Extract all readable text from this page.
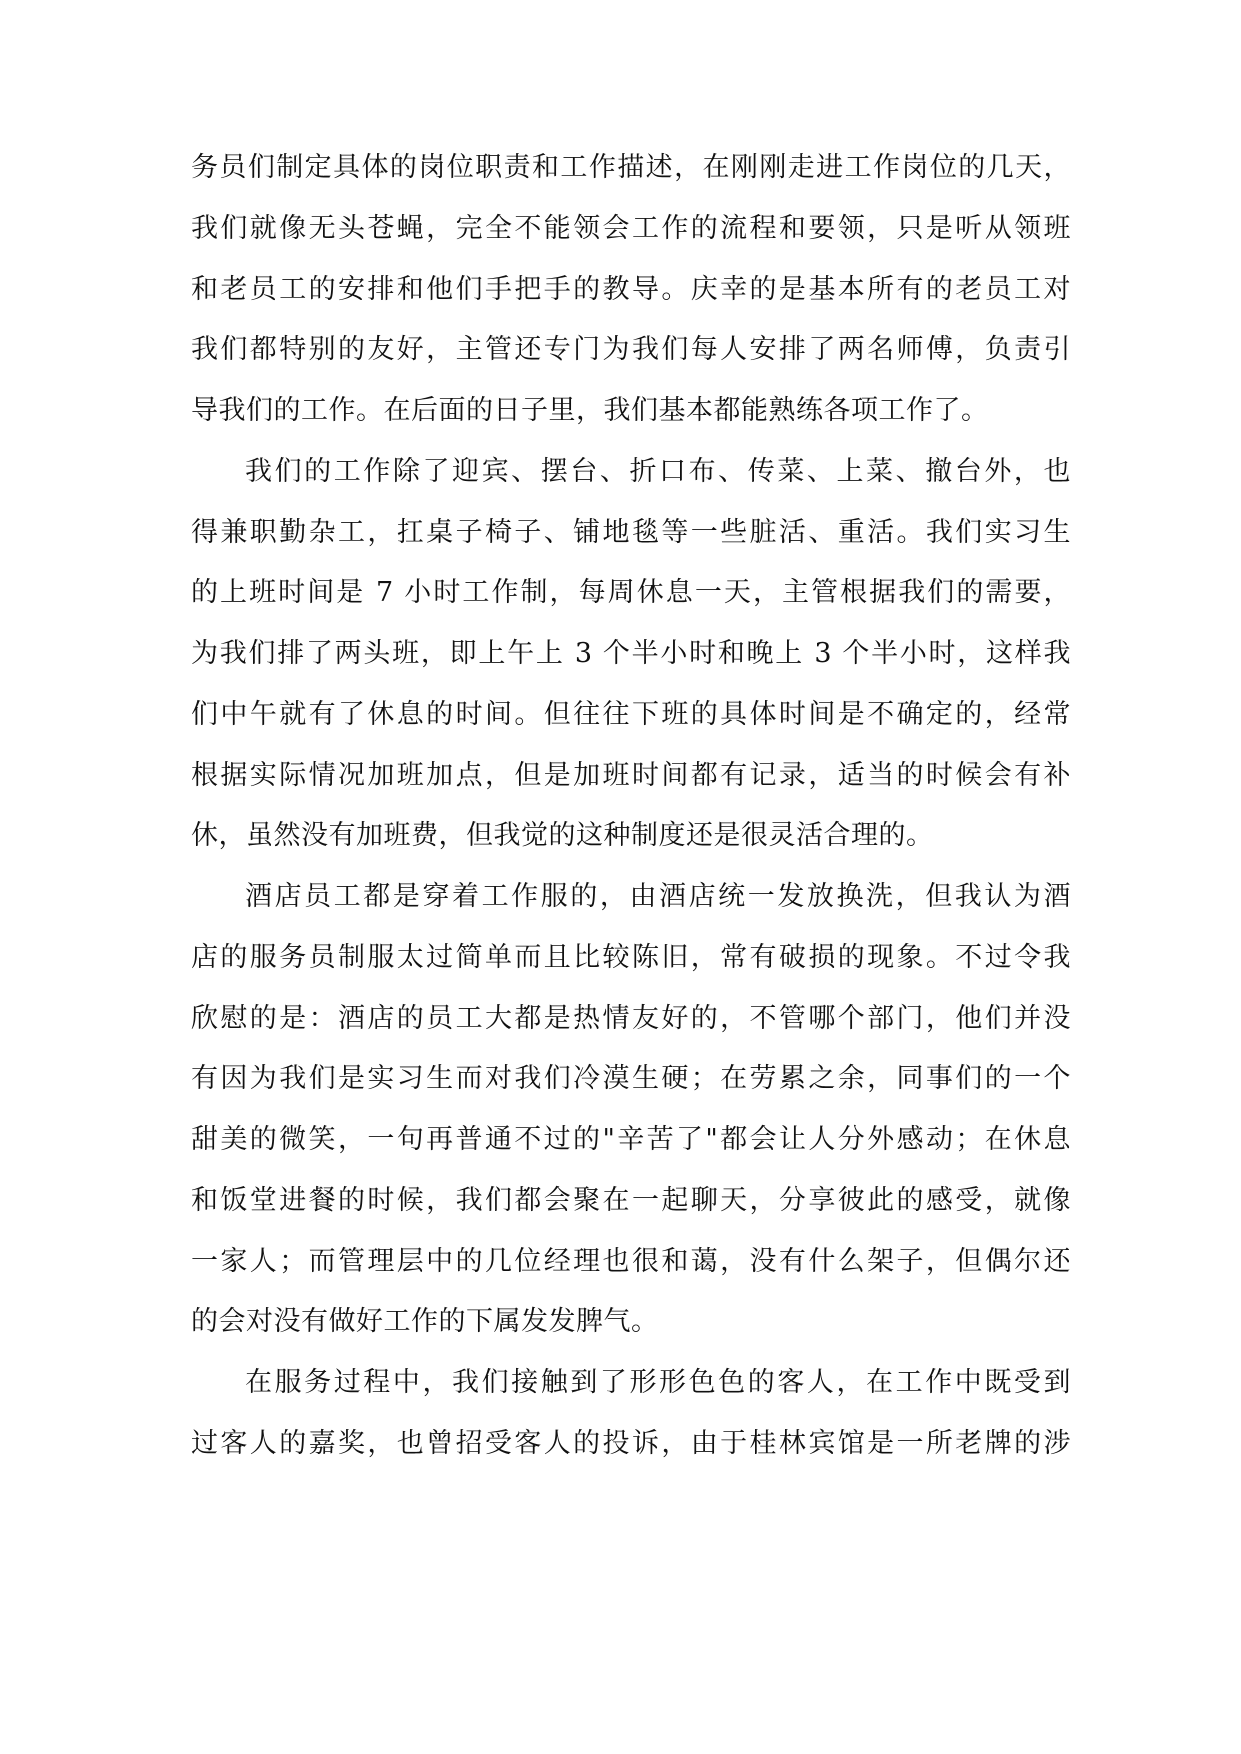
务员们制定具体的岗位职责和工作描述，在刚刚走进工作岗位的几天，
我们就像无头苍蝇，完全不能领会工作的流程和要领，只是听从领班
和老员工的安排和他们手把手的教导。庆幸的是基本所有的老员工对
我们都特别的友好，主管还专门为我们每人安排了两名师傅，负责引
导我们的工作。在后面的日子里，我们基本都能熟练各项工作了。
我们的工作除了迎宾、摆台、折口布、传菜、上菜、撤台外，也
得兼职勤杂工，扛桌子椅子、铺地毯等一些脏活、重活。我们实习生
的上班时间是 7 小时工作制，每周休息一天，主管根据我们的需要，
为我们排了两头班，即上午上 3 个半小时和晚上 3 个半小时，这样我
们中午就有了休息的时间。但往往下班的具体时间是不确定的，经常
根据实际情况加班加点，但是加班时间都有记录，适当的时候会有补
休，虽然没有加班费，但我觉的这种制度还是很灵活合理的。
酒店员工都是穿着工作服的，由酒店统一发放换洗，但我认为酒
店的服务员制服太过简单而且比较陈旧，常有破损的现象。不过令我
欣慰的是：酒店的员工大都是热情友好的，不管哪个部门，他们并没
有因为我们是实习生而对我们冷漠生硬；在劳累之余，同事们的一个
甜美的微笑，一句再普通不过的"辛苦了"都会让人分外感动；在休息
和饭堂进餐的时候，我们都会聚在一起聊天，分享彼此的感受，就像
一家人；而管理层中的几位经理也很和蔼，没有什么架子，但偶尔还
的会对没有做好工作的下属发发脾气。
在服务过程中，我们接触到了形形色色的客人，在工作中既受到
过客人的嘉奖，也曾招受客人的投诉，由于桂林宾馆是一所老牌的涉
